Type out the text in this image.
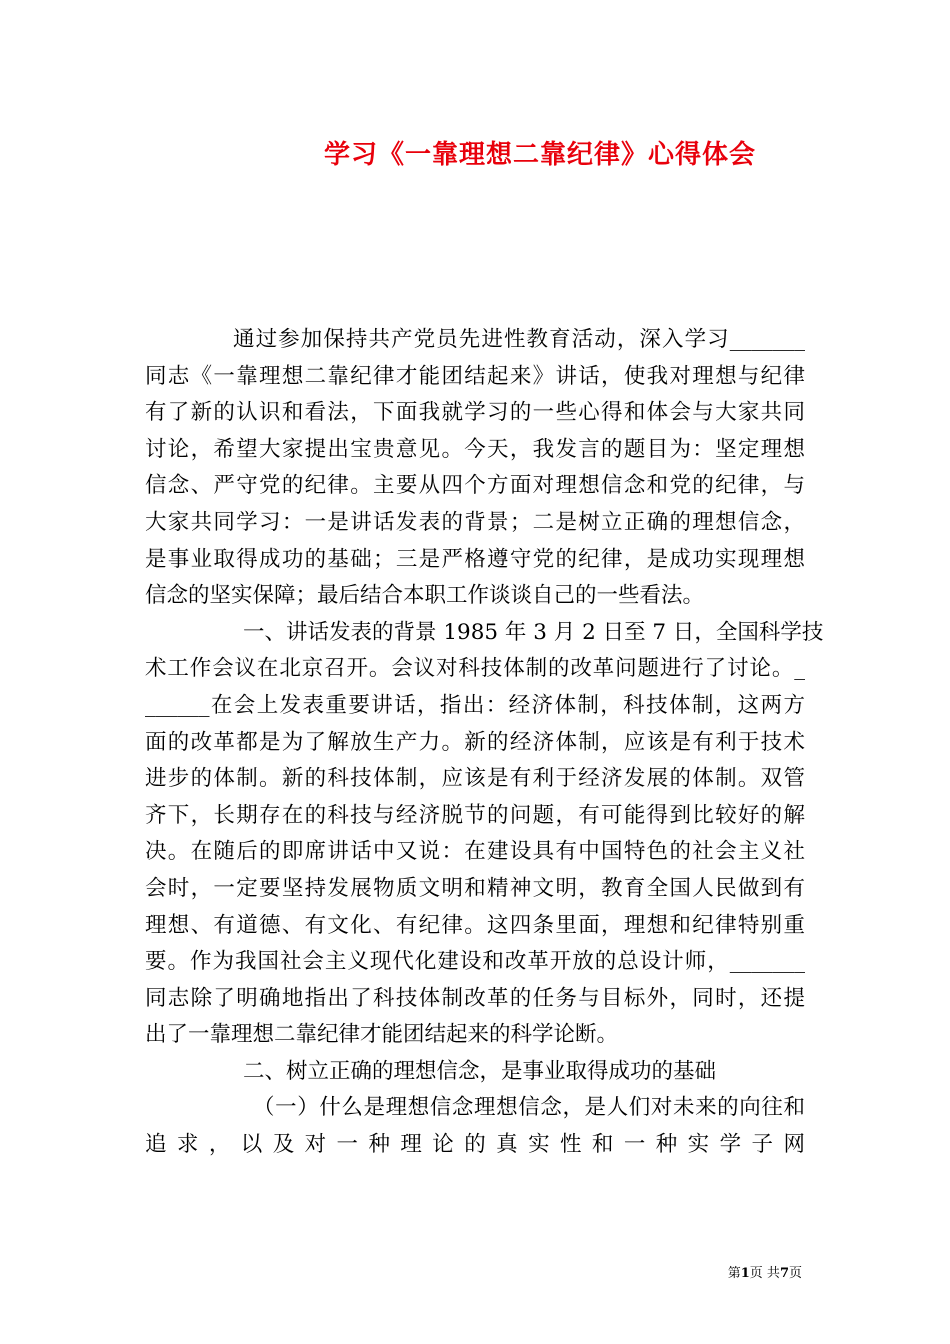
学习《一靠理想二靠纪律》心得体会
通过参加保持共产党员先进性教育活动，深入学习_______
同志《一靠理想二靠纪律才能团结起来》讲话，使我对理想与纪律
有了新的认识和看法，下面我就学习的一些心得和体会与大家共同
讨论，希望大家提出宝贵意见。今天，我发言的题目为：坚定理想
信念、严守党的纪律。主要从四个方面对理想信念和党的纪律，与
大家共同学习：一是讲话发表的背景；二是树立正确的理想信念，
是事业取得成功的基础；三是严格遵守党的纪律，是成功实现理想
信念的坚实保障；最后结合本职工作谈谈自己的一些看法。
一、讲话发表的背景 1985 年 3 月 2 日至 7 日，全国科学技
术工作会议在北京召开。会议对科技体制的改革问题进行了讨论。_
______在会上发表重要讲话，指出：经济体制，科技体制，这两方
面的改革都是为了解放生产力。新的经济体制，应该是有利于技术
进步的体制。新的科技体制，应该是有利于经济发展的体制。双管
齐下，长期存在的科技与经济脱节的问题，有可能得到比较好的解
决。在随后的即席讲话中又说：在建设具有中国特色的社会主义社
会时，一定要坚持发展物质文明和精神文明，教育全国人民做到有
理想、有道德、有文化、有纪律。这四条里面，理想和纪律特别重
要。作为我国社会主义现代化建设和改革开放的总设计师，_______
同志除了明确地指出了科技体制改革的任务与目标外，同时，还提
出了一靠理想二靠纪律才能团结起来的科学论断。
二、树立正确的理想信念，是事业取得成功的基础
（一）什么是理想信念理想信念，是人们对未来的向往和
追 求 ， 以 及 对 一 种 理 论 的 真 实 性 和 一 种 实 学 子 网
第1页 共7页
